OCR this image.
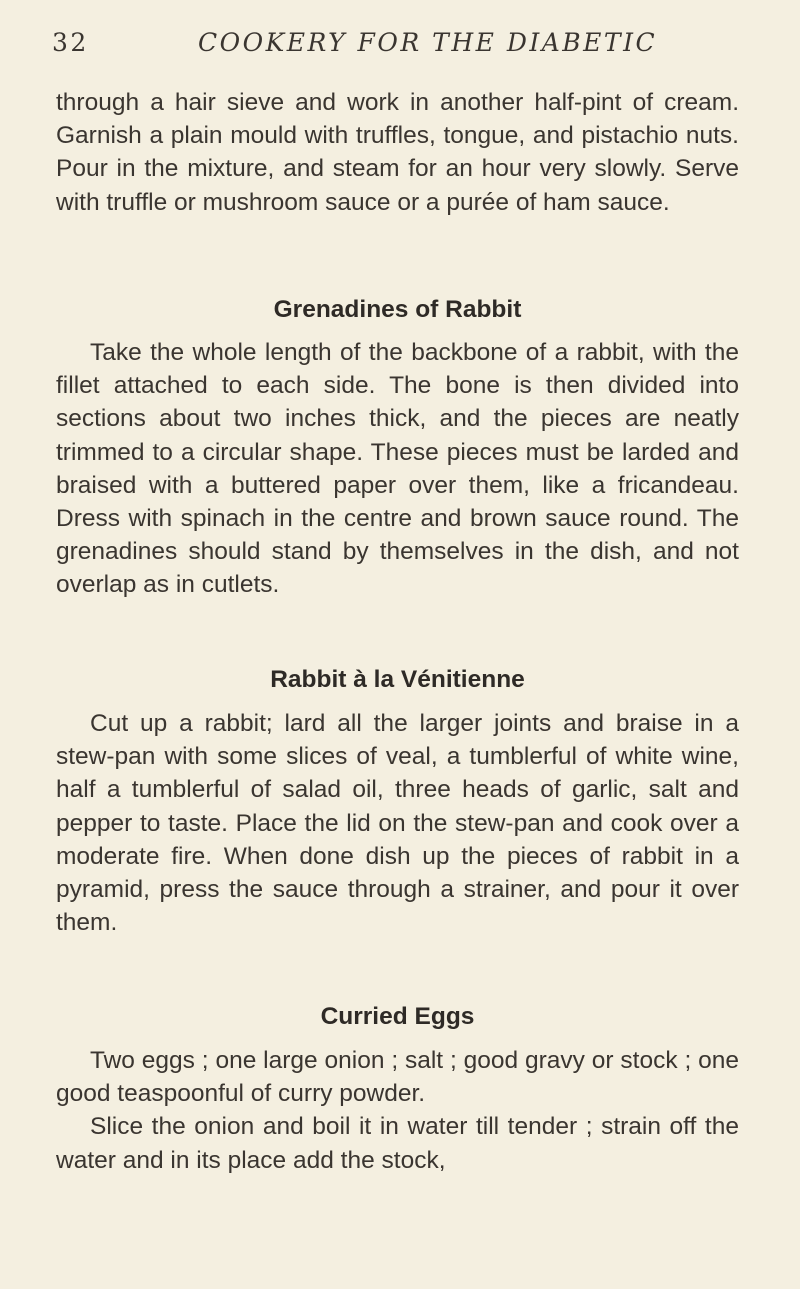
32	COOKERY FOR THE DIABETIC

through a hair sieve and work in another half-pint of cream. Garnish a plain mould with truffles, tongue, and pistachio nuts. Pour in the mixture, and steam for an hour very slowly. Serve with truffle or mushroom sauce or a purée of ham sauce.

Grenadines of Rabbit

Take the whole length of the backbone of a rabbit, with the fillet attached to each side. The bone is then divided into sections about two inches thick, and the pieces are neatly trimmed to a circular shape. These pieces must be larded and braised with a buttered paper over them, like a fricandeau. Dress with spinach in the centre and brown sauce round. The grenadines should stand by themselves in the dish, and not overlap as in cutlets.

Rabbit à la Vénitienne

Cut up a rabbit; lard all the larger joints and braise in a stew-pan with some slices of veal, a tumblerful of white wine, half a tumblerful of salad oil, three heads of garlic, salt and pepper to taste. Place the lid on the stew-pan and cook over a moderate fire. When done dish up the pieces of rabbit in a pyramid, press the sauce through a strainer, and pour it over them.

Curried Eggs

Two eggs ; one large onion ; salt ; good gravy or stock ; one good teaspoonful of curry powder.

Slice the onion and boil it in water till tender ; strain off the water and in its place add the stock,
